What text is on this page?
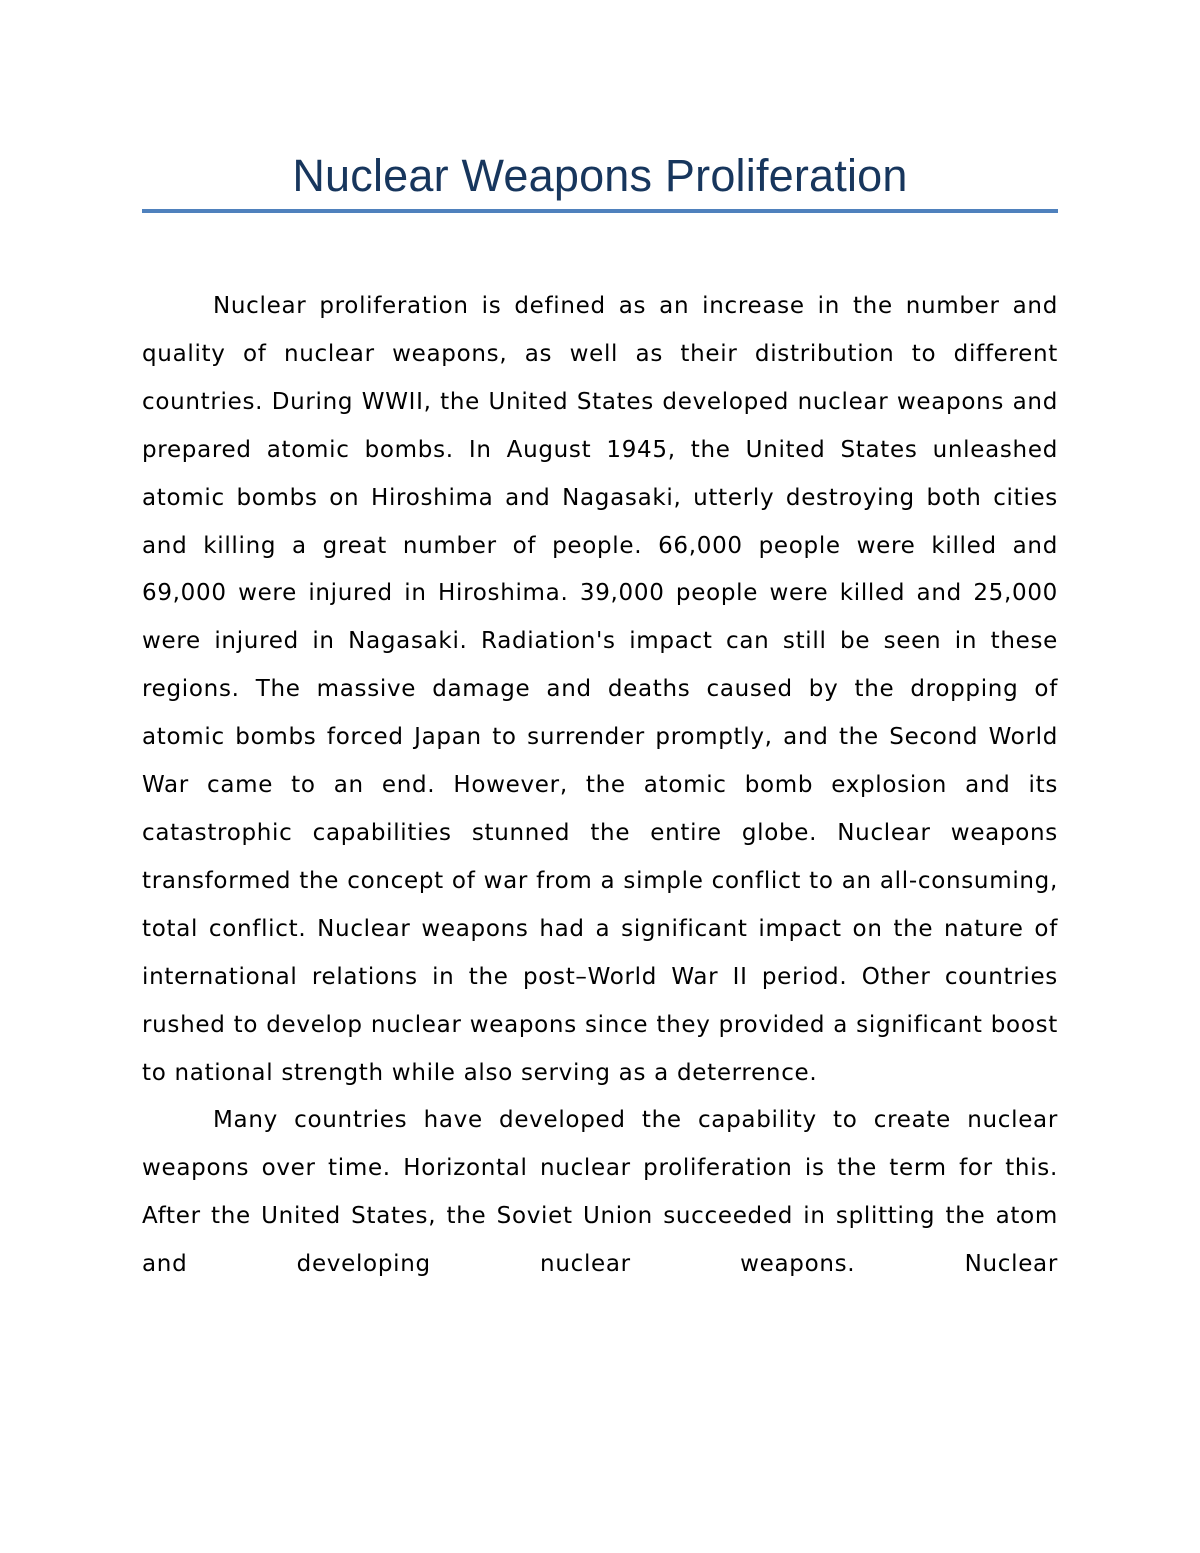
Nuclear Weapons Proliferation

Nuclear proliferation is defined as an increase in the number and quality of nuclear weapons, as well as their distribution to different countries. During WWII, the United States developed nuclear weapons and prepared atomic bombs. In August 1945, the United States unleashed atomic bombs on Hiroshima and Nagasaki, utterly destroying both cities and killing a great number of people. 66,000 people were killed and 69,000 were injured in Hiroshima. 39,000 people were killed and 25,000 were injured in Nagasaki. Radiation's impact can still be seen in these regions. The massive damage and deaths caused by the dropping of atomic bombs forced Japan to surrender promptly, and the Second World War came to an end. However, the atomic bomb explosion and its catastrophic capabilities stunned the entire globe. Nuclear weapons transformed the concept of war from a simple conflict to an all-consuming, total conflict. Nuclear weapons had a significant impact on the nature of international relations in the post–World War II period. Other countries rushed to develop nuclear weapons since they provided a significant boost to national strength while also serving as a deterrence.

Many countries have developed the capability to create nuclear weapons over time. Horizontal nuclear proliferation is the term for this. After the United States, the Soviet Union succeeded in splitting the atom and developing nuclear weapons. Nuclear
